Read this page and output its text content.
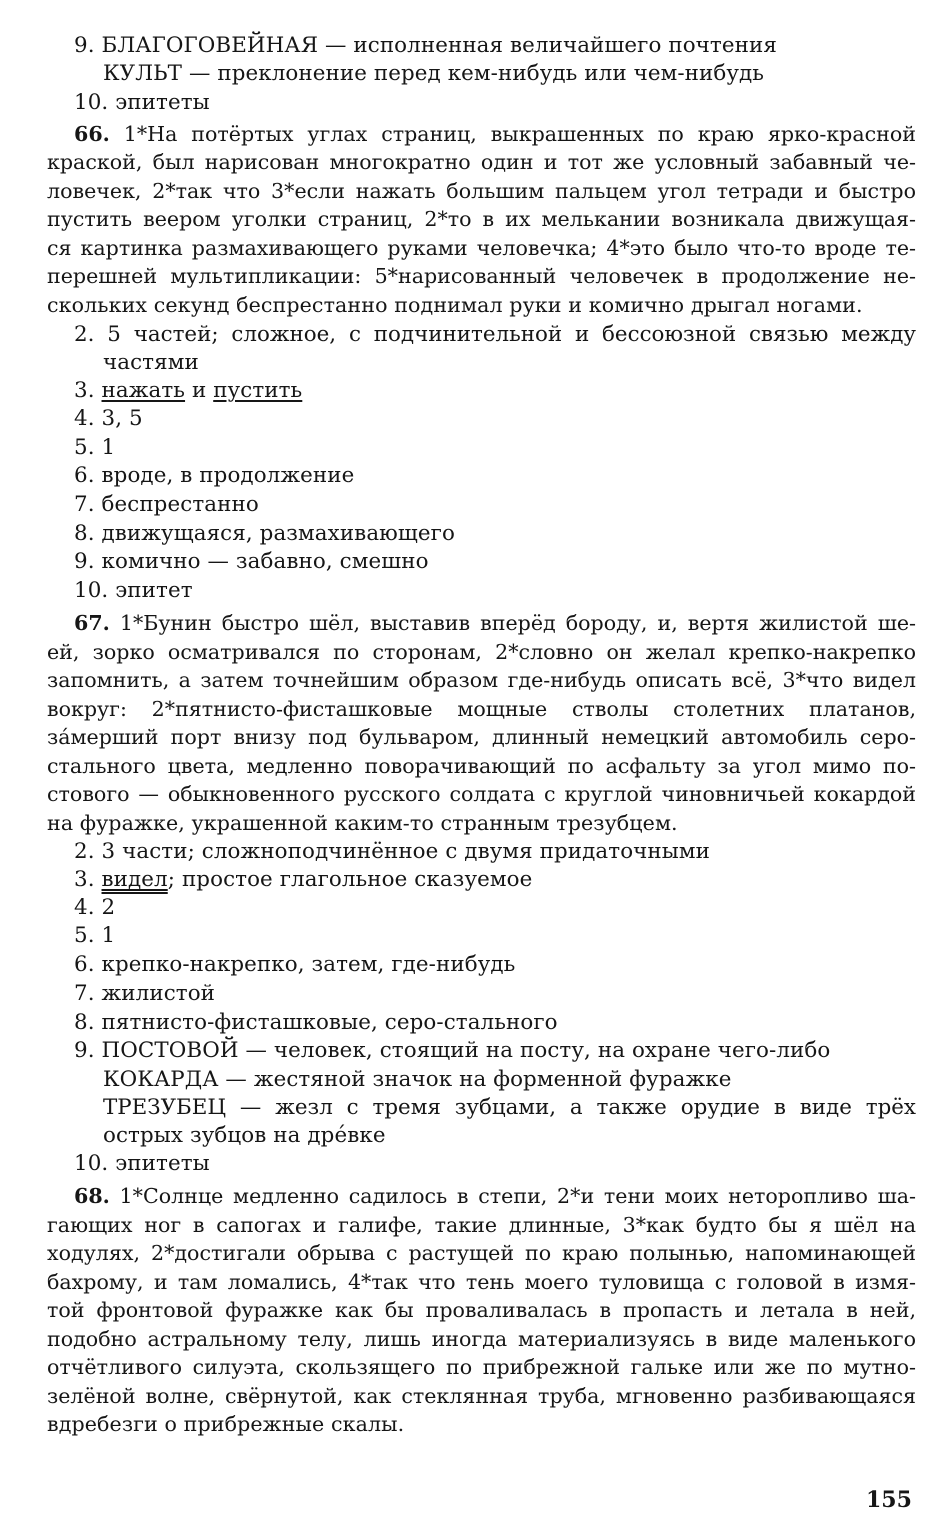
9. БЛАГОГОВЕЙНАЯ — исполненная величайшего почтения
КУЛЬТ — преклонение перед кем-нибудь или чем-нибудь
10. эпитеты
66. 1*На потёртых углах страниц, выкрашенных по краю ярко-красной
краской, был нарисован многократно один и тот же условный забавный че-
ловечек, 2*так что 3*если нажать большим пальцем угол тетради и быстро
пустить веером уголки страниц, 2*то в их мелькании возникала движущая-
ся картинка размахивающего руками человечка; 4*это было что-то вроде те-
перешней мультипликации: 5*нарисованный человечек в продолжение не-
скольких секунд беспрестанно поднимал руки и комично дрыгал ногами.
2. 5 частей; сложное, с подчинительной и бессоюзной связью между
частями
3. нажать и пустить
4. 3, 5
5. 1
6. вроде, в продолжение
7. беспрестанно
8. движущаяся, размахивающего
9. комично — забавно, смешно
10. эпитет
67. 1*Бунин быстро шёл, выставив вперёд бороду, и, вертя жилистой ше-
ей, зорко осматривался по сторонам, 2*словно он желал крепко-накрепко
запомнить, а затем точнейшим образом где-нибудь описать всё, 3*что видел
вокруг: 2*пятнисто-фисташковые мощные стволы столетних платанов,
за́мерший порт внизу под бульваром, длинный немецкий автомобиль серо-
стального цвета, медленно поворачивающий по асфальту за угол мимо по-
стового — обыкновенного русского солдата с круглой чиновничьей кокардой
на фуражке, украшенной каким-то странным трезубцем.
2. 3 части; сложноподчинённое с двумя придаточными
3. видел; простое глагольное сказуемое
4. 2
5. 1
6. крепко-накрепко, затем, где-нибудь
7. жилистой
8. пятнисто-фисташковые, серо-стального
9. ПОСТОВОЙ — человек, стоящий на посту, на охране чего-либо
КОКАРДА — жестяной значок на форменной фуражке
ТРЕЗУБЕЦ — жезл с тремя зубцами, а также орудие в виде трёх
острых зубцов на дре́вке
10. эпитеты
68. 1*Солнце медленно садилось в степи, 2*и тени моих неторопливо ша-
гающих ног в сапогах и галифе, такие длинные, 3*как будто бы я шёл на
ходулях, 2*достигали обрыва с растущей по краю полынью, напоминающей
бахрому, и там ломались, 4*так что тень моего туловища с головой в измя-
той фронтовой фуражке как бы проваливалась в пропасть и летала в ней,
подобно астральному телу, лишь иногда материализуясь в виде маленького
отчётливого силуэта, скользящего по прибрежной гальке или же по мутно-
зелёной волне, свёрнутой, как стеклянная труба, мгновенно разбивающаяся
вдребезги о прибрежные скалы.
155
